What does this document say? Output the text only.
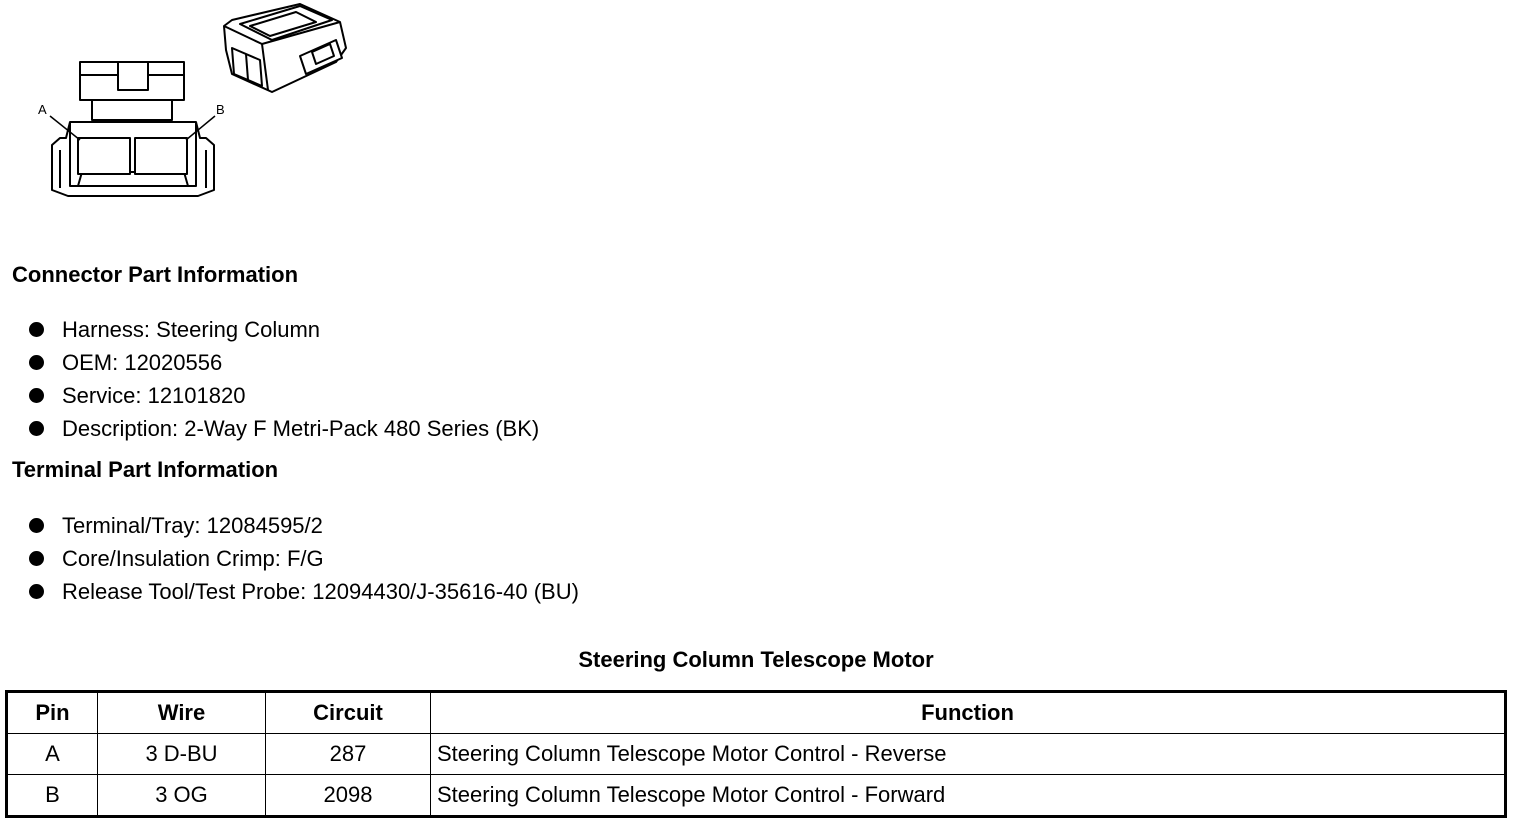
A	B
Connector Part Information
Harness: Steering Column
OEM: 12020556
Service: 12101820
Description: 2-Way F Metri-Pack 480 Series (BK)
Terminal Part Information
Terminal/Tray: 12084595/2
Core/Insulation Crimp: F/G
Release Tool/Test Probe: 12094430/J-35616-40 (BU)
Steering Column Telescope Motor
Pin	Wire	Circuit	Function
A	3 D-BU	287	Steering Column Telescope Motor Control - Reverse
B	3 OG	2098	Steering Column Telescope Motor Control - Forward
